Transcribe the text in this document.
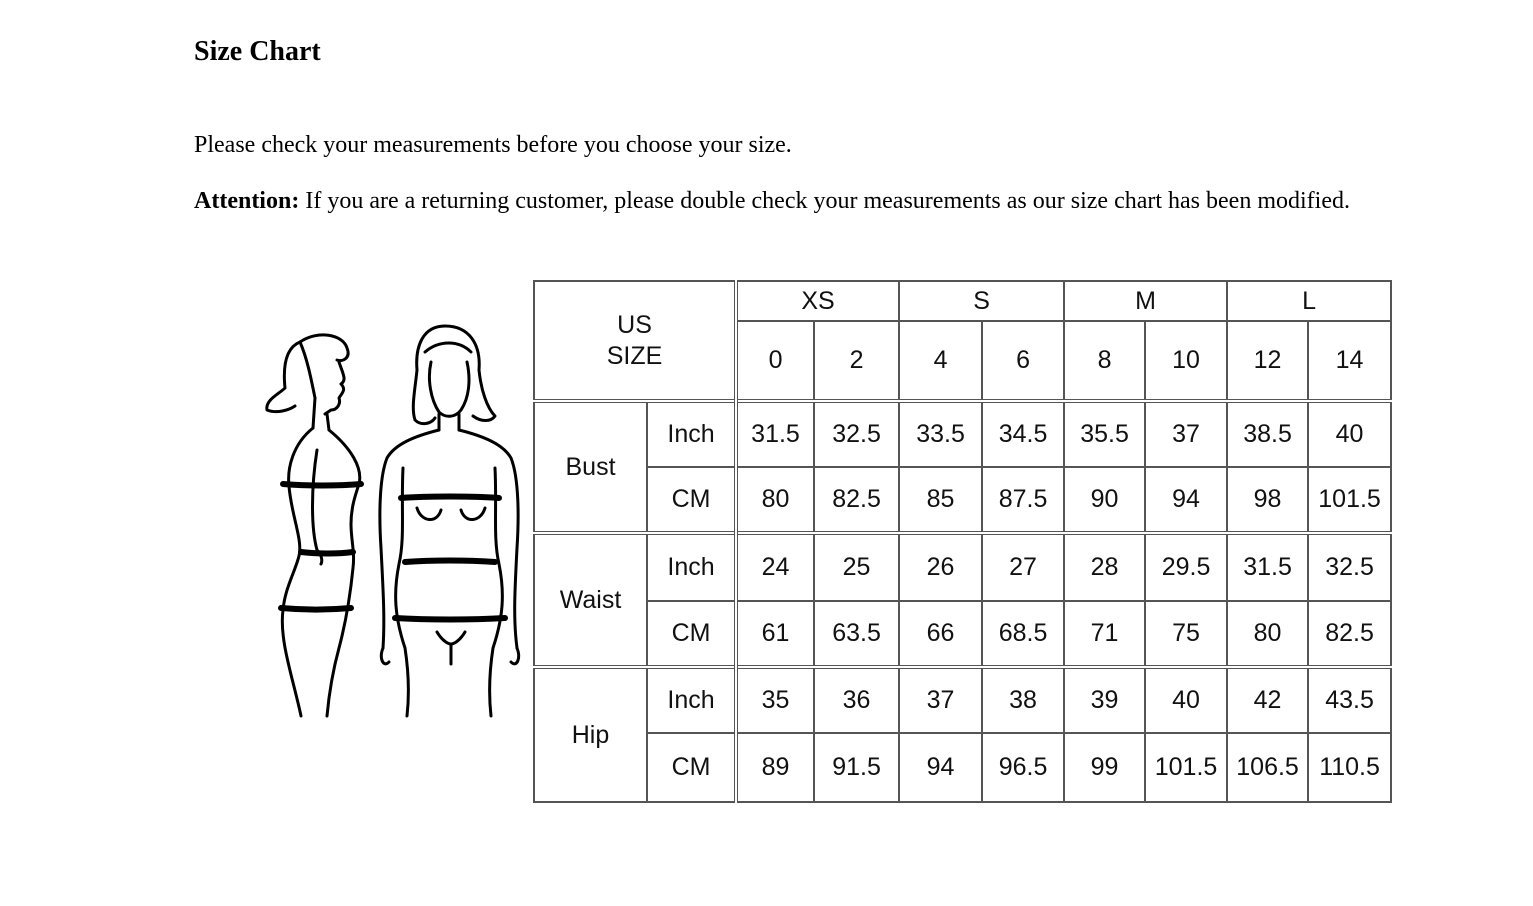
Size Chart

Please check your measurements before you choose your size.

Attention: If you are a returning customer, please double check your measurements as our size chart has been modified.

US
SIZE		XS		S		M		L	
		0	2	4	6	8	10	12	14
Bust	Inch	31.5	32.5	33.5	34.5	35.5	37	38.5	40
	CM	80	82.5	85	87.5	90	94	98	101.5
Waist	Inch	24	25	26	27	28	29.5	31.5	32.5
	CM	61	63.5	66	68.5	71	75	80	82.5
Hip	Inch	35	36	37	38	39	40	42	43.5
	CM	89	91.5	94	96.5	99	101.5	106.5	110.5
